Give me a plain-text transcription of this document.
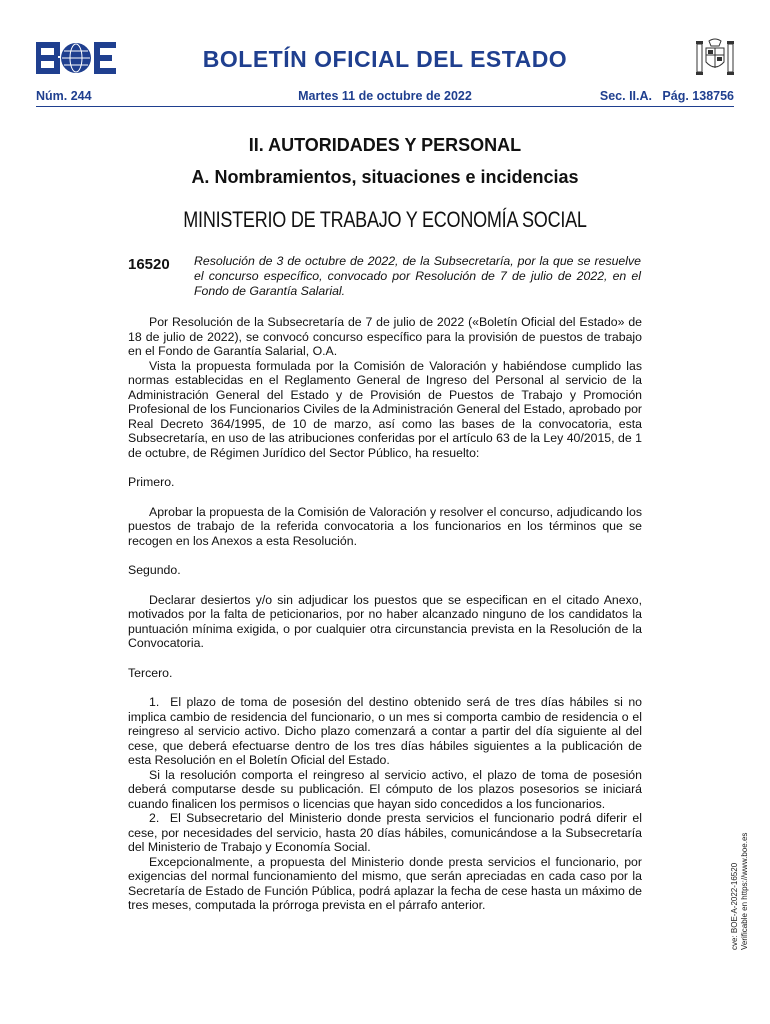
BOLETÍN OFICIAL DEL ESTADO
Núm. 244	Martes 11 de octubre de 2022	Sec. II.A.   Pág. 138756
II. AUTORIDADES Y PERSONAL
A. Nombramientos, situaciones e incidencias
MINISTERIO DE TRABAJO Y ECONOMÍA SOCIAL
16520 Resolución de 3 de octubre de 2022, de la Subsecretaría, por la que se resuelve el concurso específico, convocado por Resolución de 7 de julio de 2022, en el Fondo de Garantía Salarial.

Por Resolución de la Subsecretaría de 7 de julio de 2022 («Boletín Oficial del Estado» de 18 de julio de 2022), se convocó concurso específico para la provisión de puestos de trabajo en el Fondo de Garantía Salarial, O.A.

Vista la propuesta formulada por la Comisión de Valoración y habiéndose cumplido las normas establecidas en el Reglamento General de Ingreso del Personal al servicio de la Administración General del Estado y de Provisión de Puestos de Trabajo y Promoción Profesional de los Funcionarios Civiles de la Administración General del Estado, aprobado por Real Decreto 364/1995, de 10 de marzo, así como las bases de la convocatoria, esta Subsecretaría, en uso de las atribuciones conferidas por el artículo 63 de la Ley 40/2015, de 1 de octubre, de Régimen Jurídico del Sector Público, ha resuelto:

Primero.

Aprobar la propuesta de la Comisión de Valoración y resolver el concurso, adjudicando los puestos de trabajo de la referida convocatoria a los funcionarios en los términos que se recogen en los Anexos a esta Resolución.

Segundo.

Declarar desiertos y/o sin adjudicar los puestos que se especifican en el citado Anexo, motivados por la falta de peticionarios, por no haber alcanzado ninguno de los candidatos la puntuación mínima exigida, o por cualquier otra circunstancia prevista en la Resolución de la Convocatoria.

Tercero.

1.  El plazo de toma de posesión del destino obtenido será de tres días hábiles si no implica cambio de residencia del funcionario, o un mes si comporta cambio de residencia o el reingreso al servicio activo. Dicho plazo comenzará a contar a partir del día siguiente al del cese, que deberá efectuarse dentro de los tres días hábiles siguientes a la publicación de esta Resolución en el Boletín Oficial del Estado.

Si la resolución comporta el reingreso al servicio activo, el plazo de toma de posesión deberá computarse desde su publicación. El cómputo de los plazos posesorios se iniciará cuando finalicen los permisos o licencias que hayan sido concedidos a los funcionarios.

2.  El Subsecretario del Ministerio donde presta servicios el funcionario podrá diferir el cese, por necesidades del servicio, hasta 20 días hábiles, comunicándose a la Subsecretaría del Ministerio de Trabajo y Economía Social.

Excepcionalmente, a propuesta del Ministerio donde presta servicios el funcionario, por exigencias del normal funcionamiento del mismo, que serán apreciadas en cada caso por la Secretaría de Estado de Función Pública, podrá aplazar la fecha de cese hasta un máximo de tres meses, computada la prórroga prevista en el párrafo anterior.	cve: BOE-A-2022-16520 Verificable en https://www.boe.es
